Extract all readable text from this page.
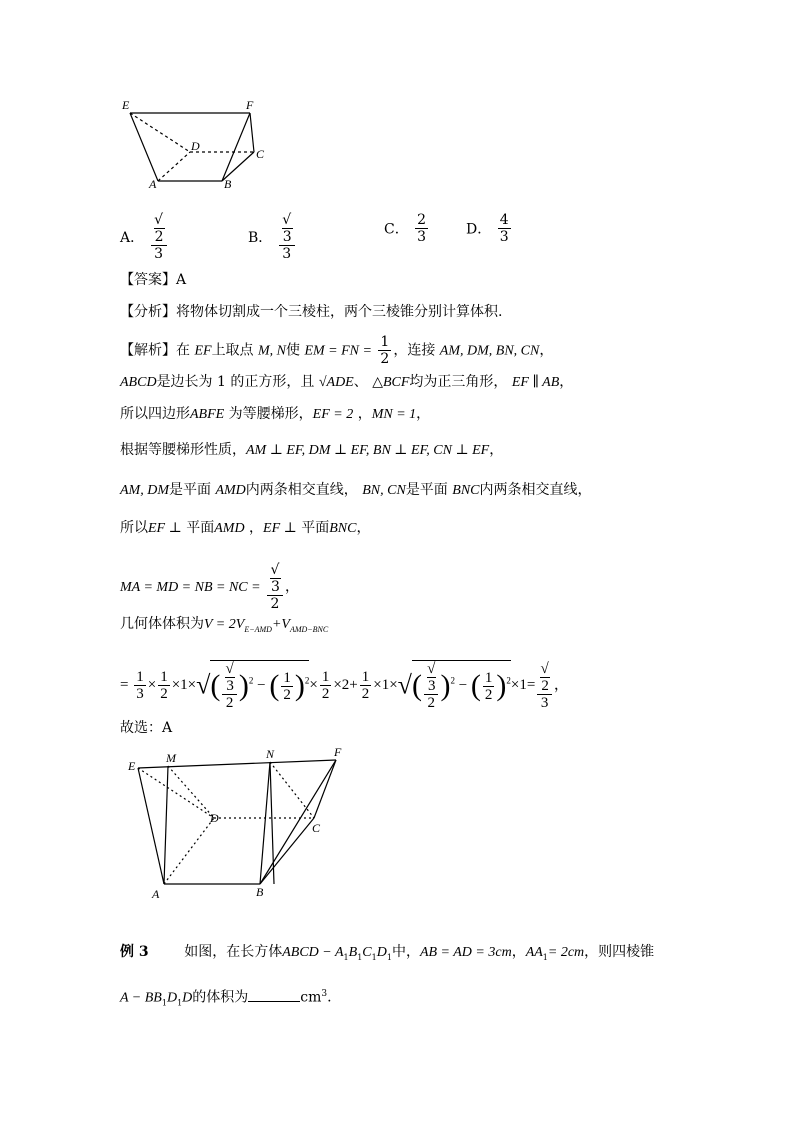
E	F
D
C
A	B
A． √
2
3	B． √
3
3	C． $\frac{2}{3}$	D． $\frac{4}{3}$
【答案】A
【分析】将物体切割成一个三棱柱，两个三棱锥分别计算体积.
【解析】在 EF上取点 M, N使 EM = FN = $\frac{1}{2}$ ，连接 AM, DM, BN, CN，
ABCD是边长为 1 的正方形，且 √ADE、 △BCF均为正三角形， EF ∥ AB，
所以四边形ABFE 为等腰梯形，EF = 2 ，MN = 1，
根据等腰梯形性质，AM ⊥ EF, DM ⊥ EF, BN ⊥ EF, CN ⊥ EF，
AM, DM是平面 AMD内两条相交直线， BN, CN是平面 BNC内两条相交直线，
所以EF ⊥ 平面AMD ，EF ⊥ 平面BNC，
MA = MD = NB = NC = √
3
2 ，
几何体体积为$V = 2V_{E-AMD}+V_{AMD-BNC}$
= $\frac{1}{3} \times \frac{1}{2} \times 1\times√$( √
3
2 )$^2$ − ( $\frac{1}{2} )^2\times \frac{1}{2} \times 2+ \frac{1}{2} \times 1\times√$( √
3
2 )$^2$ − ( $\frac{1}{2} )^2\times 1=$ √
2
3 ，
故选：A
E
M	N	F
D
C
A	B
例 3	如图，在长方体ABCD − $A_1B_1C_1D_1$中，AB = AD = 3cm，$AA_1= 2cm$，则四棱锥
$A - BB_1D_1D$的体积为	$cm^3$.
